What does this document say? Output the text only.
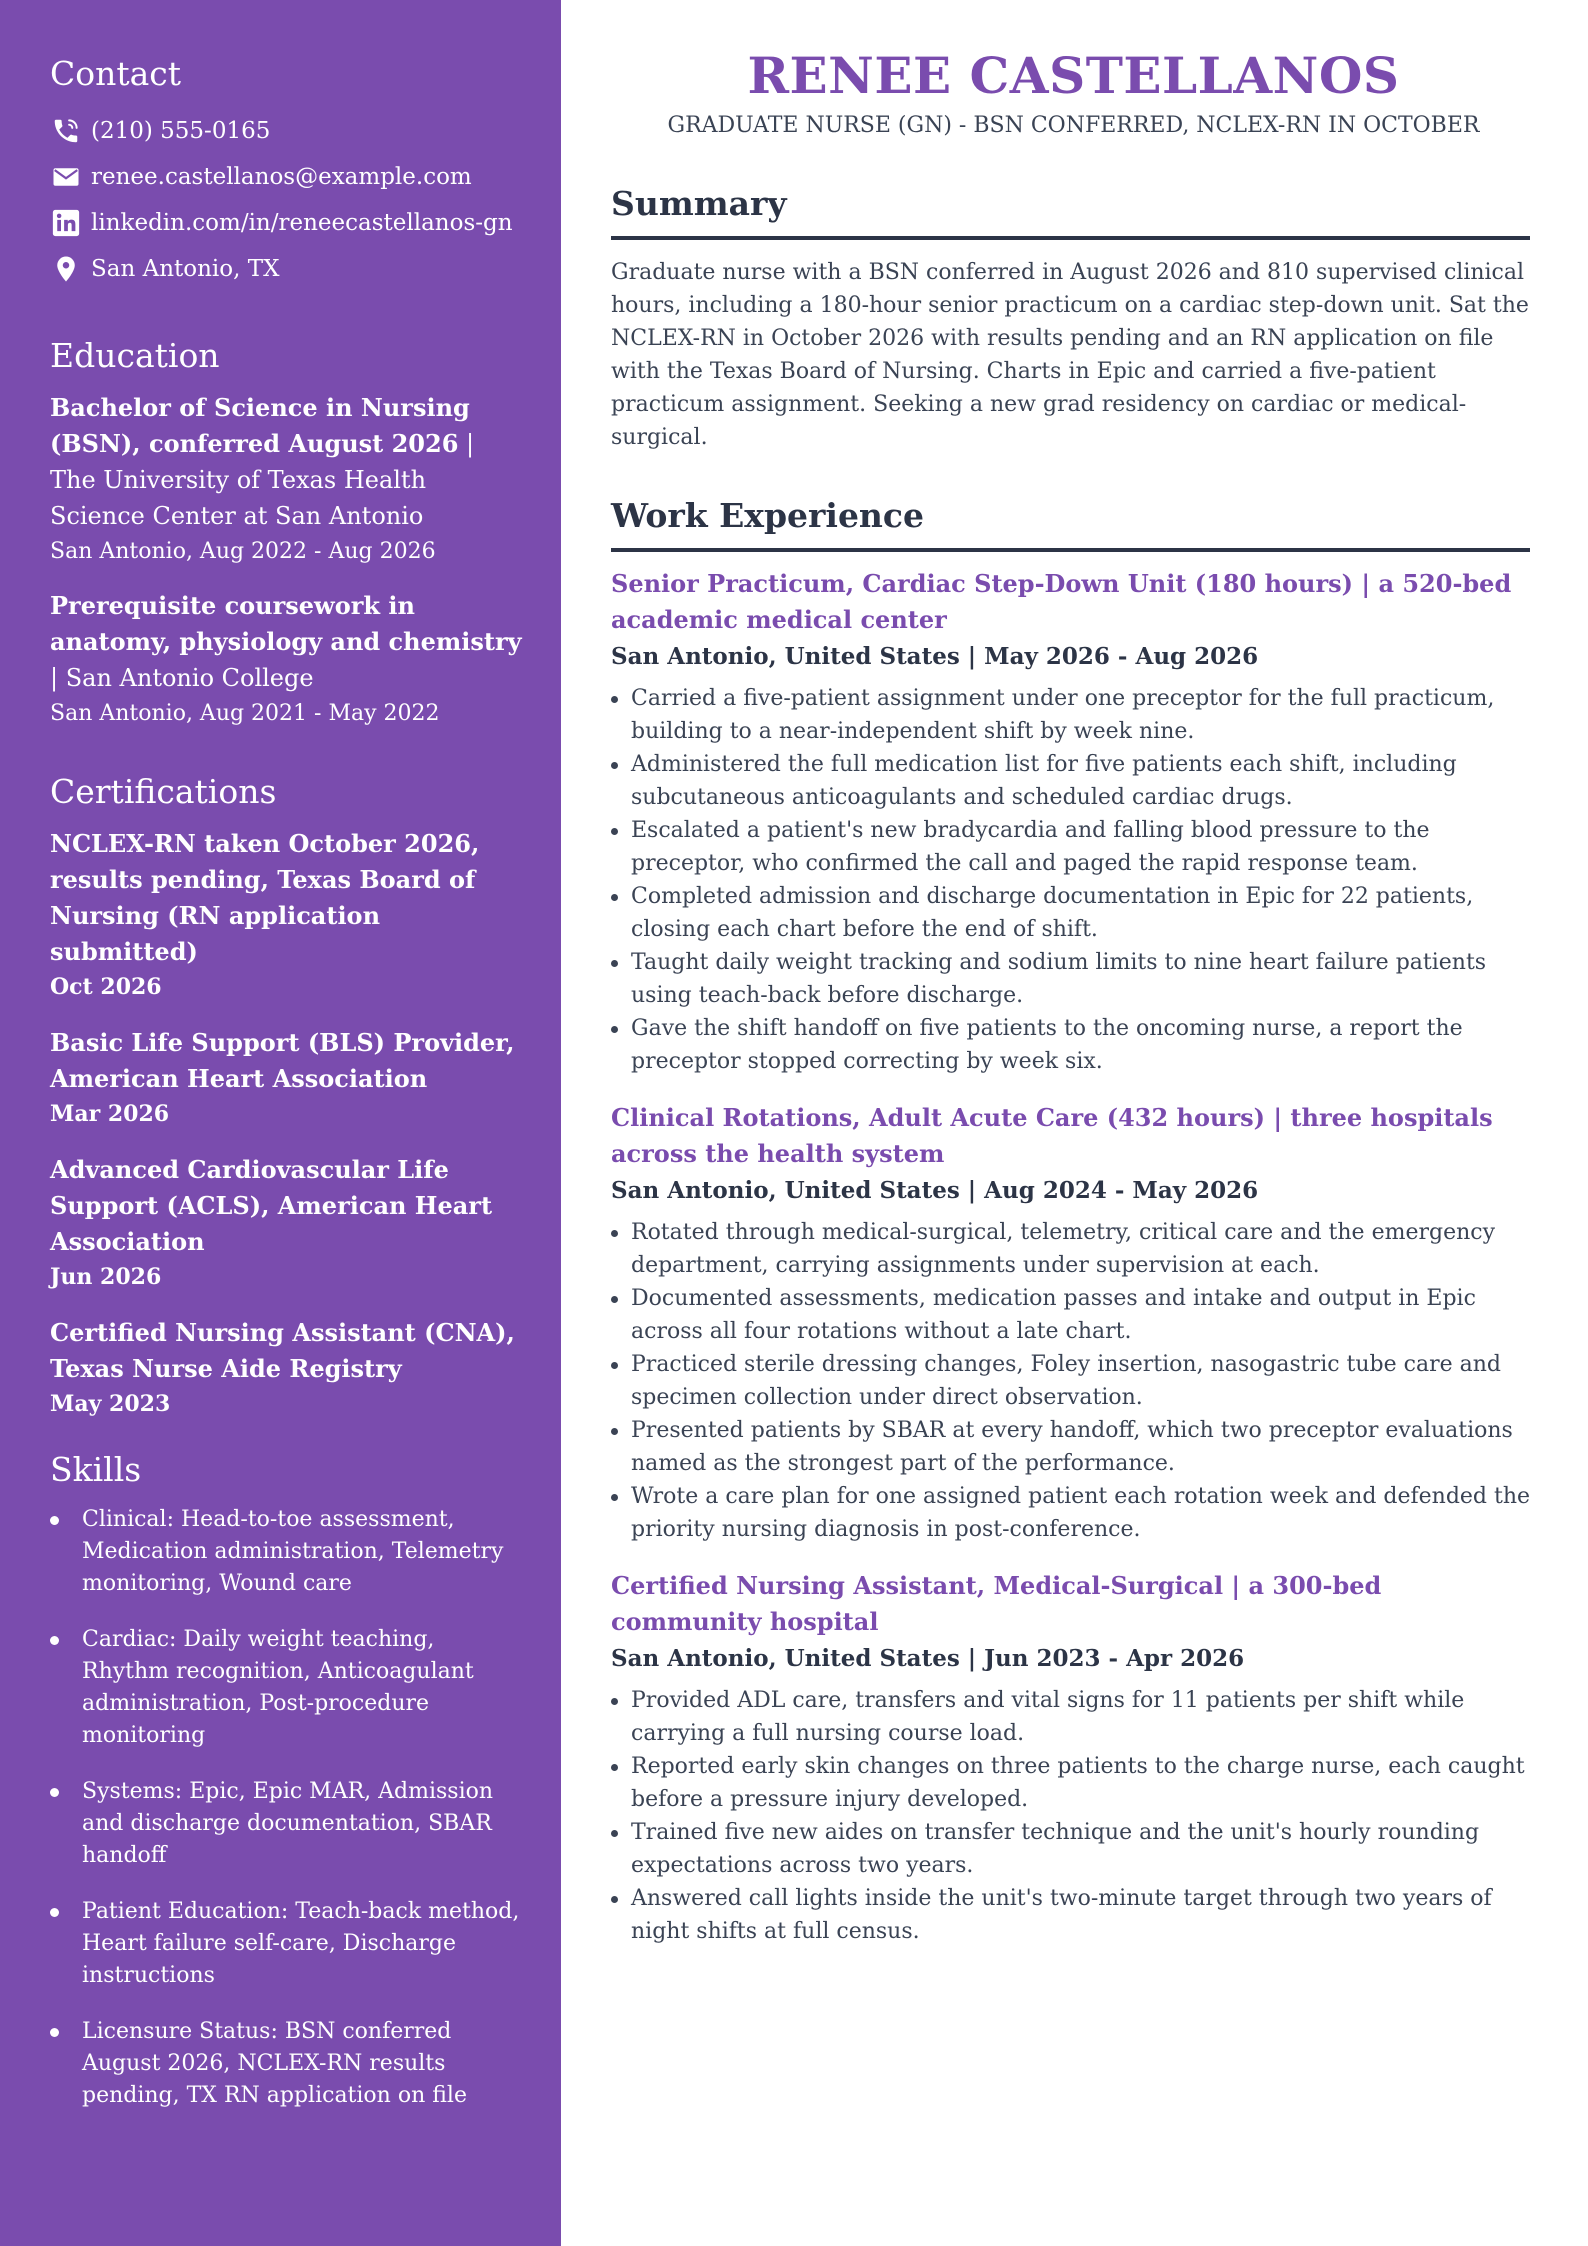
Contact
(210) 555-0165
renee.castellanos@example.com
linkedin.com/in/reneecastellanos-gn
San Antonio, TX
Education
Bachelor of Science in Nursing (BSN), conferred August 2026 | The University of Texas Health Science Center at San Antonio
San Antonio, Aug 2022 - Aug 2026
Prerequisite coursework in anatomy, physiology and chemistry | San Antonio College
San Antonio, Aug 2021 - May 2022
Certifications
NCLEX-RN taken October 2026, results pending, Texas Board of Nursing (RN application submitted)
Oct 2026
Basic Life Support (BLS) Provider, American Heart Association
Mar 2026
Advanced Cardiovascular Life Support (ACLS), American Heart Association
Jun 2026
Certified Nursing Assistant (CNA), Texas Nurse Aide Registry
May 2023
Skills
Clinical: Head-to-toe assessment, Medication administration, Telemetry monitoring, Wound care
Cardiac: Daily weight teaching, Rhythm recognition, Anticoagulant administration, Post-procedure monitoring
Systems: Epic, Epic MAR, Admission and discharge documentation, SBAR handoff
Patient Education: Teach-back method, Heart failure self-care, Discharge instructions
Licensure Status: BSN conferred August 2026, NCLEX-RN results pending, TX RN application on file
RENEE CASTELLANOS
GRADUATE NURSE (GN) - BSN CONFERRED, NCLEX-RN IN OCTOBER
Summary

Graduate nurse with a BSN conferred in August 2026 and 810 supervised clinical hours, including a 180-hour senior practicum on a cardiac step-down unit. Sat the NCLEX-RN in October 2026 with results pending and an RN application on file with the Texas Board of Nursing. Charts in Epic and carried a five-patient practicum assignment. Seeking a new grad residency on cardiac or medical-surgical.

Work Experience
Senior Practicum, Cardiac Step-Down Unit (180 hours) | a 520-bed academic medical center
San Antonio, United States | May 2026 - Aug 2026
Carried a five-patient assignment under one preceptor for the full practicum, building to a near-independent shift by week nine.
Administered the full medication list for five patients each shift, including subcutaneous anticoagulants and scheduled cardiac drugs.
Escalated a patient's new bradycardia and falling blood pressure to the preceptor, who confirmed the call and paged the rapid response team.
Completed admission and discharge documentation in Epic for 22 patients, closing each chart before the end of shift.
Taught daily weight tracking and sodium limits to nine heart failure patients using teach-back before discharge.
Gave the shift handoff on five patients to the oncoming nurse, a report the preceptor stopped correcting by week six.
Clinical Rotations, Adult Acute Care (432 hours) | three hospitals across the health system
San Antonio, United States | Aug 2024 - May 2026
Rotated through medical-surgical, telemetry, critical care and the emergency department, carrying assignments under supervision at each.
Documented assessments, medication passes and intake and output in Epic across all four rotations without a late chart.
Practiced sterile dressing changes, Foley insertion, nasogastric tube care and specimen collection under direct observation.
Presented patients by SBAR at every handoff, which two preceptor evaluations named as the strongest part of the performance.
Wrote a care plan for one assigned patient each rotation week and defended the priority nursing diagnosis in post-conference.
Certified Nursing Assistant, Medical-Surgical | a 300-bed community hospital
San Antonio, United States | Jun 2023 - Apr 2026
Provided ADL care, transfers and vital signs for 11 patients per shift while carrying a full nursing course load.
Reported early skin changes on three patients to the charge nurse, each caught before a pressure injury developed.
Trained five new aides on transfer technique and the unit's hourly rounding expectations across two years.
Answered call lights inside the unit's two-minute target through two years of night shifts at full census.
